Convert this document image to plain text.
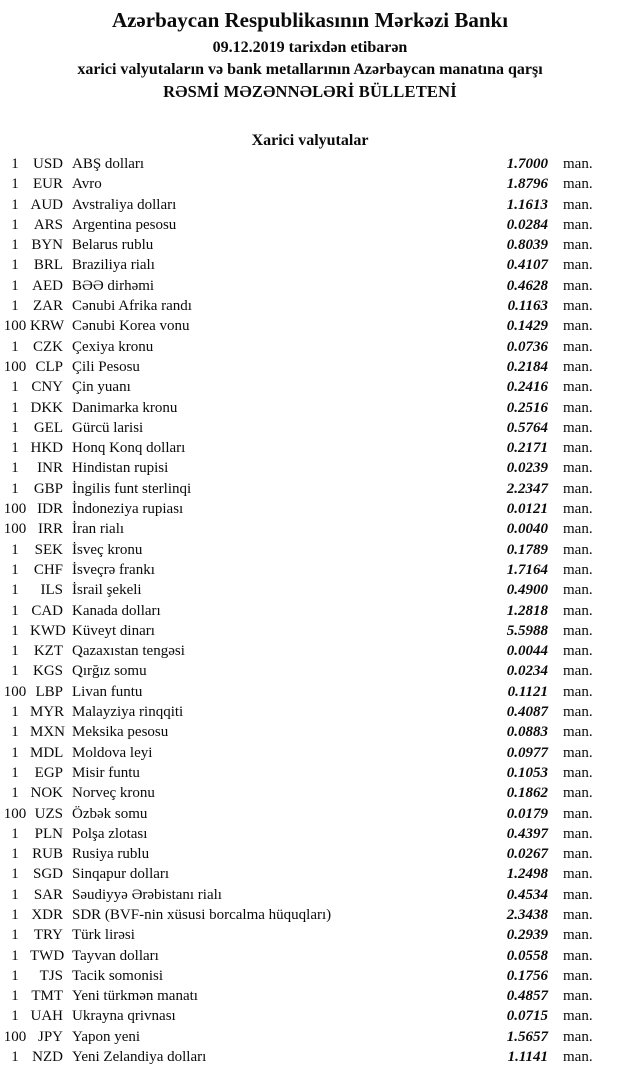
Azərbaycan Respublikasının Mərkəzi Bankı
09.12.2019 tarixdən etibarən
xarici valyutaların və bank metallarının Azərbaycan manatına qarşı
RƏSMİ MƏZƏNNƏLƏRİ BÜLLETENİ
Xarici valyutalar
1 USD ABŞ dolları	1.7000	man.
1 EUR Avro	1.8796	man.
1 AUD Avstraliya dolları	1.1613	man.
1	ARS Argentina pesosu	0.0284	man.
1 BYN Belarus rublu	0.8039	man.
1	BRL Braziliya rialı	0.4107	man.
1 AED BƏƏ dirhəmi	0.4628	man.
1 ZAR Cənubi Afrika randı	0.1163	man.
100 KRW Cənubi Korea vonu	0.1429	man.
1 CZK Çexiya kronu	0.0736	man.
100 CLP Çili Pesosu	0.2184	man.
1 CNY Çin yuanı	0.2416	man.
1 DKK Danimarka kronu	0.2516	man.
1	GEL Gürcü larisi	0.5764	man.
1 HKD Honq Konq dolları	0.2171	man.
1	INR Hindistan rupisi	0.0239	man.
1	GBP İngilis funt sterlinqi	2.2347	man.
100 IDR İndoneziya rupiası	0.0121	man.
100 IRR İran rialı	0.0040	man.
1	SEK İsveç kronu	0.1789	man.
1	CHF İsveçrə frankı	1.7164	man.
1	ILS İsrail şekeli	0.4900	man.
1 CAD Kanada dolları	1.2818	man.
1 KWD Küveyt dinarı	5.5988	man.
1	KZT Qazaxıstan tengəsi	0.0044	man.
1 KGS Qırğız somu	0.0234	man.
100 LBP Livan funtu	0.1121	man.
1 MYR Malayziya rinqqiti	0.4087	man.
1 MXN Meksika pesosu	0.0883	man.
1 MDL Moldova leyi	0.0977	man.
1	EGP Misir funtu	0.1053	man.
1 NOK Norveç kronu	0.1862	man.
100 UZS Özbək somu	0.0179	man.
1	PLN Polşa zlotası	0.4397	man.
1 RUB Rusiya rublu	0.0267	man.
1 SGD Sinqapur dolları	1.2498	man.
1	SAR Səudiyyə Ərəbistanı rialı	0.4534	man.
1 XDR SDR (BVF-nin xüsusi borcalma hüquqları)	2.3438	man.
1	TRY Türk lirəsi	0.2939	man.
1 TWD Tayvan dolları	0.0558	man.
1	TJS Tacik somonisi	0.1756	man.
1 TMT Yeni türkmən manatı	0.4857	man.
1 UAH Ukrayna qrivnası	0.0715	man.
100 JPY Yapon yeni	1.5657	man.
1 NZD Yeni Zelandiya dolları	1.1141	man.
